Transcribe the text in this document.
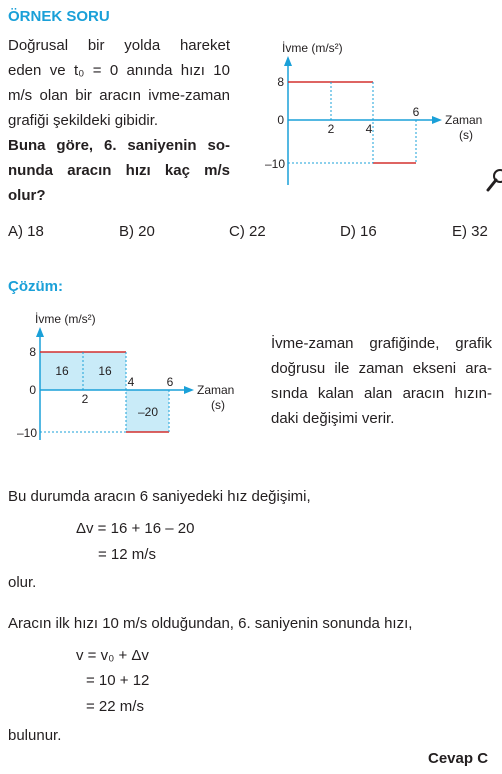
ÖRNEK SORU
Doğrusal bir yolda hareket
eden ve t₀ = 0 anında hızı 10
m/s olan bir aracın ivme-zaman
grafiği şekildeki gibidir.
Buna göre, 6. saniyenin so-
nunda aracın hızı kaç m/s
olur?
İvme (m/s²)
8
0
–10
2	4
6
Zaman
(s)
A) 18	B) 20	C) 22	D) 16	E) 32
Çözüm:
İvme (m/s²)
8
0
–10
2
4	6
16 16
–20
Zaman
(s)
İvme-zaman grafiğinde, grafik
doğrusu ile zaman ekseni ara-
sında kalan alan aracın hızın-
daki değişimi verir.
Bu durumda aracın 6 saniyedeki hız değişimi,
Δv = 16 + 16 – 20
= 12 m/s
olur.
Aracın ilk hızı 10 m/s olduğundan, 6. saniyenin sonunda hızı,
v = v₀ + Δv
= 10 + 12
= 22 m/s
bulunur.
Cevap C
